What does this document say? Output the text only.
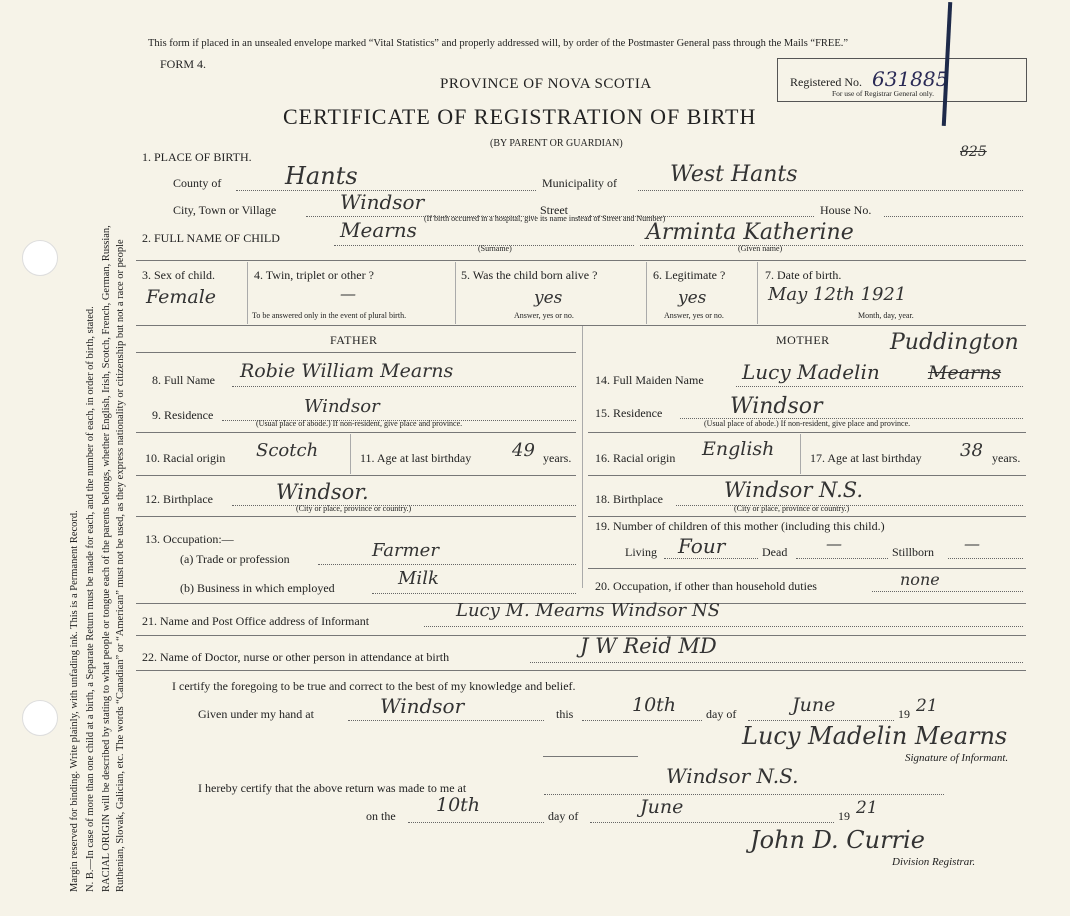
Margin reserved for binding. Write plainly, with unfading ink. This is a Permanent Record. N. B.—In case of more than one child at a birth, a Separate Return must be made for each, and the number of each, in order of birth, stated. RACIAL ORIGIN will be described by stating to what people or tongue each of the parents belongs, whether English, Irish, Scotch, French, German, Russian, Ruthenian, Slovak, Galician, etc. The words “Canadian” or “American” must not be used, as they express nationality or citizenship but not a race or people
This form if placed in an unsealed envelope marked “Vital Statistics” and properly addressed will, by order of the Postmaster General pass through the Mails “FREE.”
FORM 4.
PROVINCE OF NOVA SCOTIA
CERTIFICATE OF REGISTRATION OF BIRTH
(BY PARENT OR GUARDIAN)
Registered No. 631885
For use of Registrar General only.
1. PLACE OF BIRTH.	825
County of	Hants	Municipality of West Hants
City, Town or Village	Windsor	Street	House No.
(If birth occurred in a hospital, give its name instead of Street and Number)
2. FULL NAME OF CHILD	Mearns
(Surname)
Arminta Katherine
(Given name)
3. Sex of child.
Female
4. Twin, triplet or other ?
—
To be answered only in the event of plural birth.
5. Was the child born alive ?
yes
Answer, yes or no.
6. Legitimate ?
yes
Answer, yes or no.
7. Date of birth.
May 12th 1921
Month, day, year.
FATHER	MOTHER	Puddington
8. Full Name Robie William Mearns	14. Full Maiden Name Lucy Madelin	Mearns
9. Residence	Windsor
(Usual place of abode.) If non-resident, give place and province.
15. Residence	Windsor
(Usual place of abode.) If non-resident, give place and province.
10. Racial origin Scotch	11. Age at last birthday 49 years. 16. Racial origin English	17. Age at last birthday 38 years.
12. Birthplace	Windsor.
(City or place, province or country.)
18. Birthplace	Windsor N.S.
(City or place, province or country.)
13. Occupation:—
(a) Trade or profession	Farmer
(b) Business in which employed	Milk
19. Number of children of this mother (including this child.)
Living Four	Dead —	Stillborn —
20. Occupation, if other than household duties	none
21. Name and Post Office address of Informant	Lucy M. Mearns Windsor NS
22. Name of Doctor, nurse or other person in attendance at birth	J W Reid MD
I certify the foregoing to be true and correct to the best of my knowledge and belief.
Given under my hand at	Windsor	this	10th day of	June	19 21
Lucy Madelin Mearns
Signature of Informant.
I hereby certify that the above return was made to me at	Windsor N.S.
on the 10th	day of	June	19 21
John D. Currie
Division Registrar.
